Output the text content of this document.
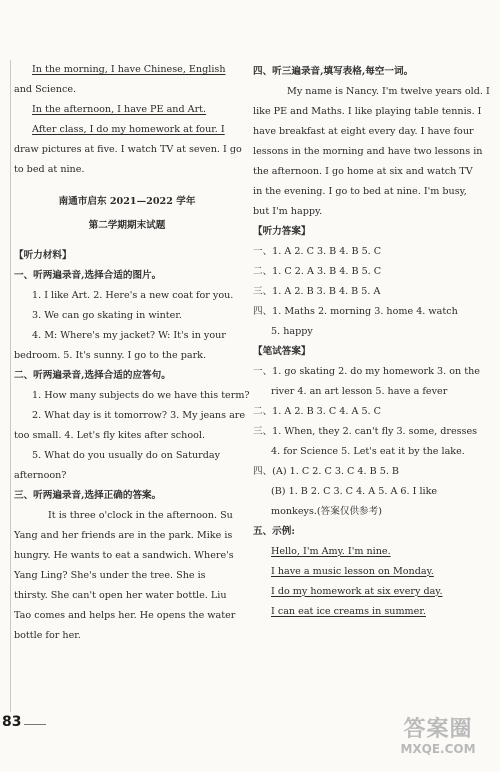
In the morning, I have Chinese, English
and Science.
In the afternoon, I have PE and Art.
After class, I do my homework at four. I
draw pictures at five. I watch TV at seven. I go
to bed at nine.
南通市启东 2021—2022 学年
第二学期期末试题
【听力材料】
一、听两遍录音,选择合适的图片。
1. I like Art. 2. Here's a new coat for you.
3. We can go skating in winter.
4. M: Where's my jacket? W: It's in your
bedroom. 5. It's sunny. I go to the park.
二、听两遍录音,选择合适的应答句。
1. How many subjects do we have this term?
2. What day is it tomorrow? 3. My jeans are
too small. 4. Let's fly kites after school.
5. What do you usually do on Saturday
afternoon?
三、听两遍录音,选择正确的答案。
It is three o'clock in the afternoon. Su
Yang and her friends are in the park. Mike is
hungry. He wants to eat a sandwich. Where's
Yang Ling? She's under the tree. She is
thirsty. She can't open her water bottle. Liu
Tao comes and helps her. He opens the water
bottle for her.
四、听三遍录音,填写表格,每空一词。
My name is Nancy. I'm twelve years old. I
like PE and Maths. I like playing table tennis. I
have breakfast at eight every day. I have four
lessons in the morning and have two lessons in
the afternoon. I go home at six and watch TV
in the evening. I go to bed at nine. I'm busy,
but I'm happy.
【听力答案】
一、1. A 2. C 3. B 4. B 5. C
二、1. C 2. A 3. B 4. B 5. C
三、1. A 2. B 3. B 4. B 5. A
四、1. Maths 2. morning 3. home 4. watch
5. happy
【笔试答案】
一、1. go skating 2. do my homework 3. on the
river 4. an art lesson 5. have a fever
二、1. A 2. B 3. C 4. A 5. C
三、1. When, they 2. can't fly 3. some, dresses
4. for Science 5. Let's eat it by the lake.
四、(A) 1. C 2. C 3. C 4. B 5. B
(B) 1. B 2. C 3. C 4. A 5. A 6. I like
monkeys.(答案仅供参考)
五、示例:
Hello, I'm Amy. I'm nine.
I have a music lesson on Monday.
I do my homework at six every day.
I can eat ice creams in summer.
83	答案圈
MXQE.COM
